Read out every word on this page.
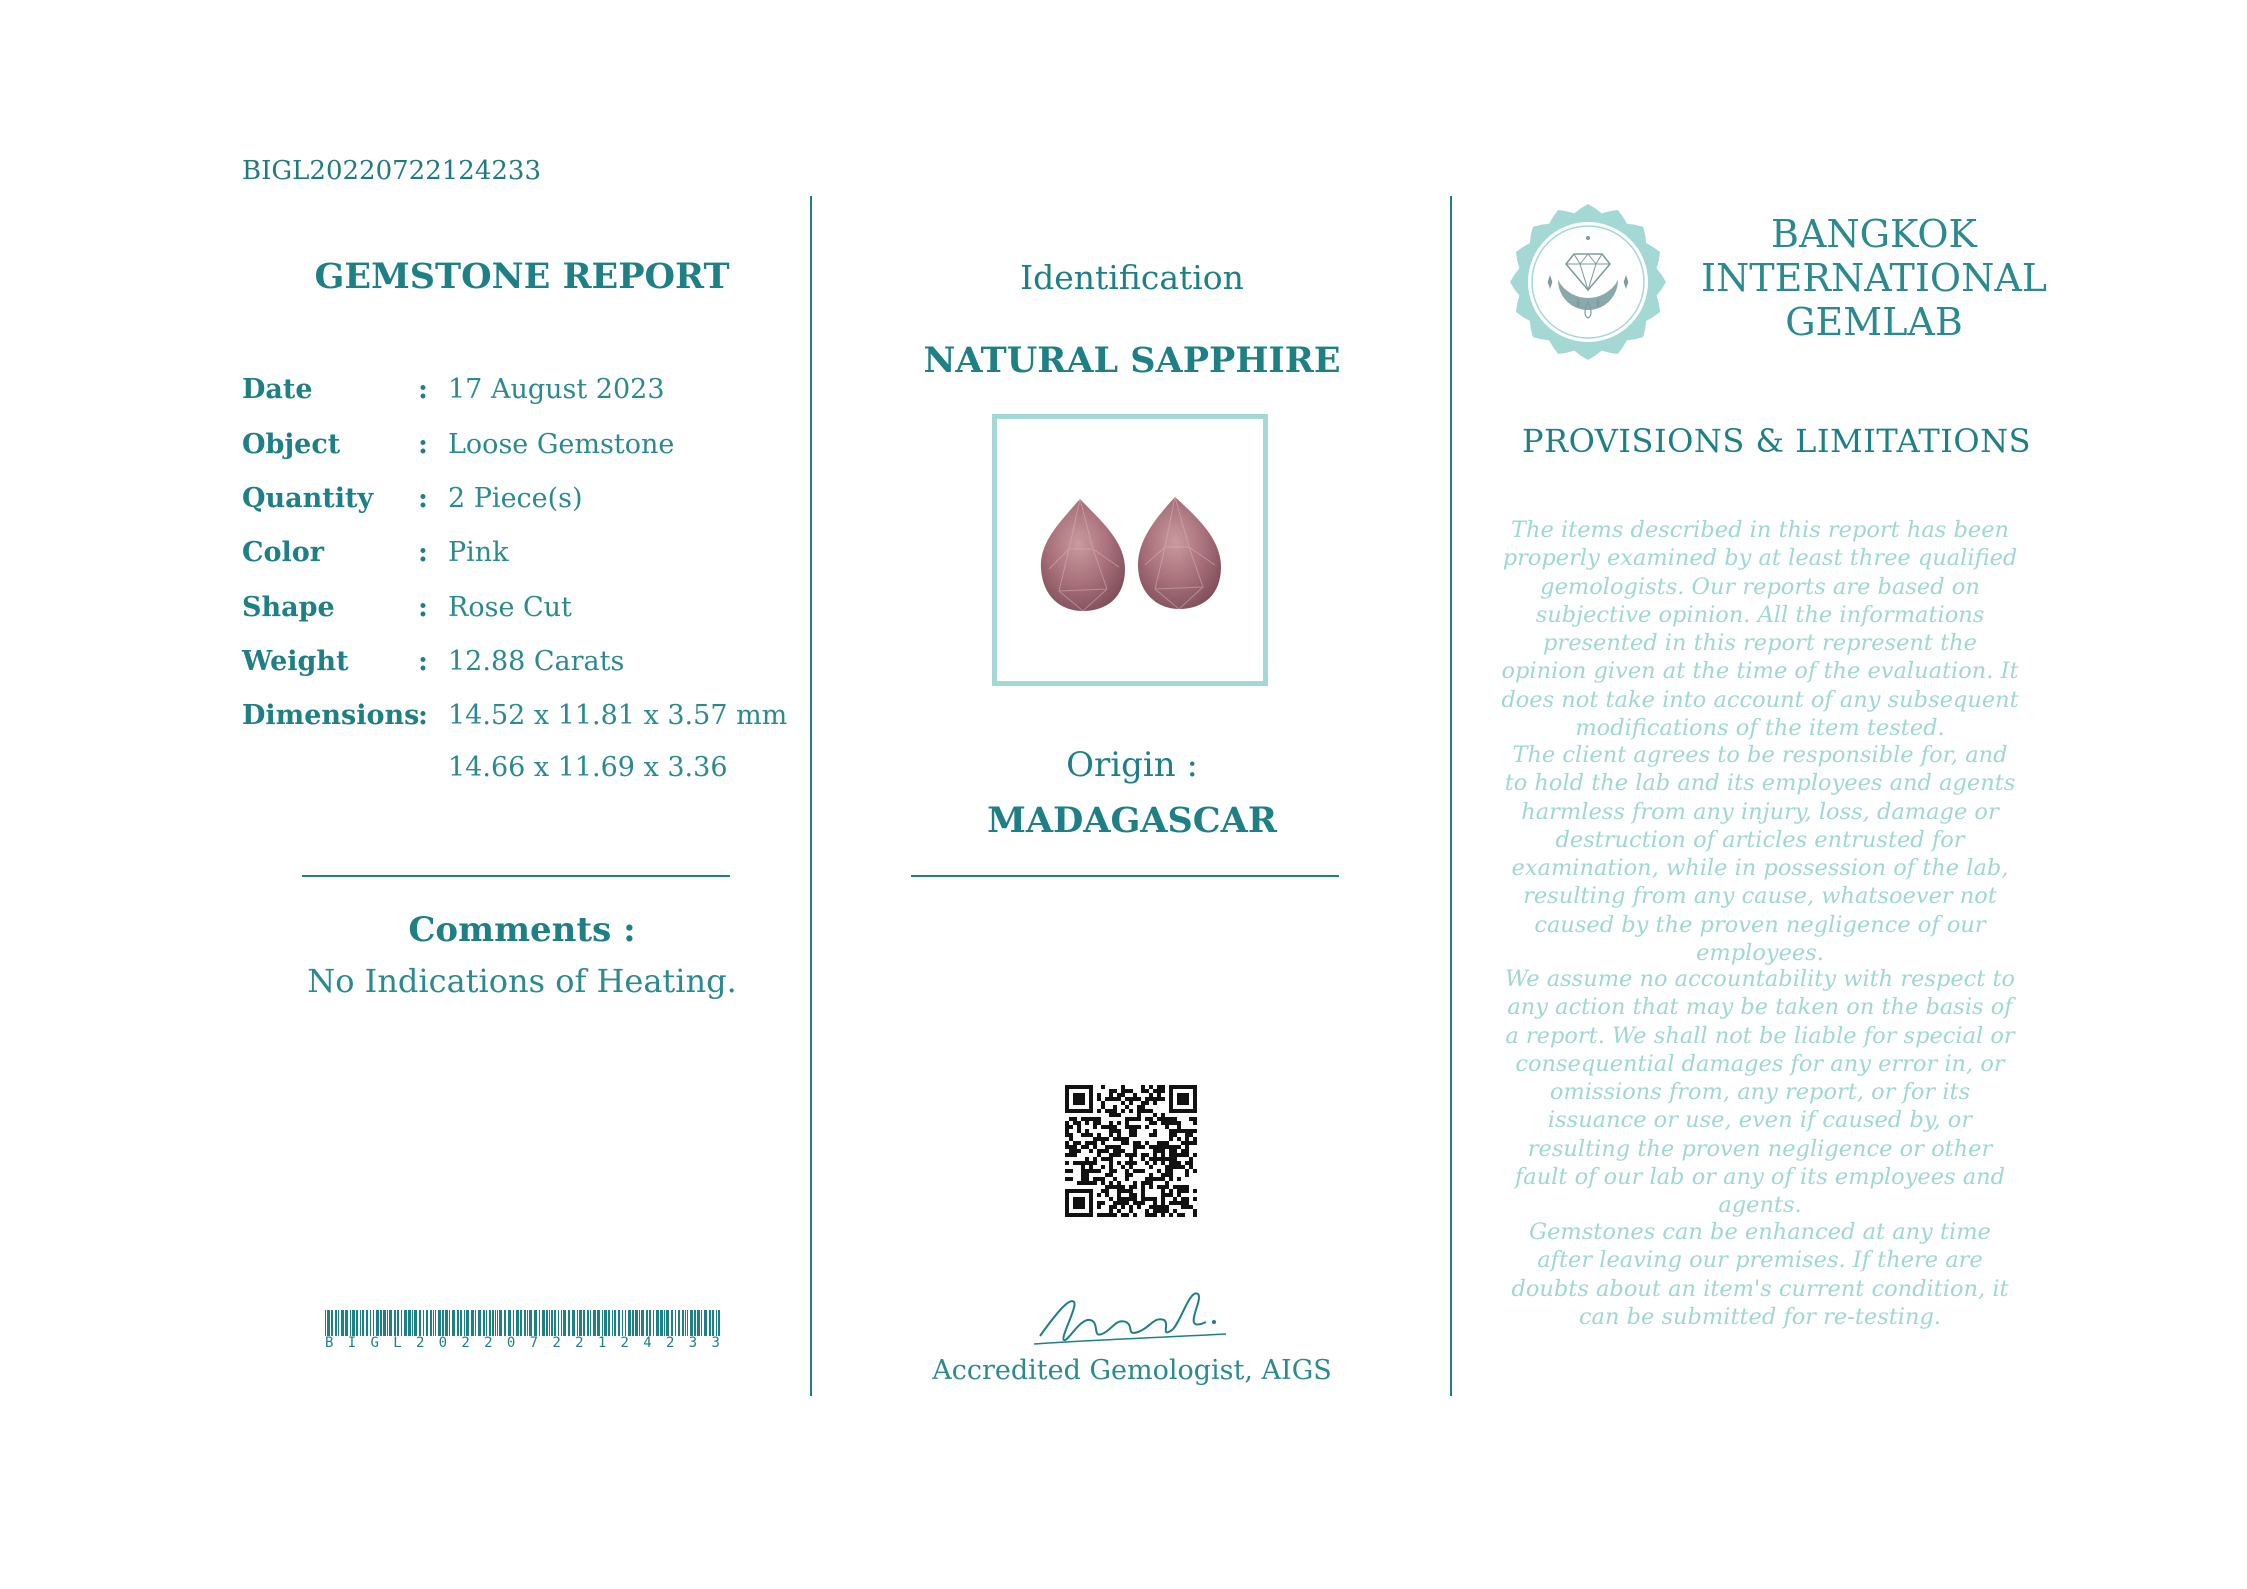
BIGL20220722124233
GEMSTONE REPORT
Date	: 17 August 2023
Object	: Loose Gemstone
Quantity	: 2 Piece(s)
Color	: Pink
Shape	: Rose Cut
Weight	: 12.88 Carats
Dimensions
: 14.52 x 11.81 x 3.57 mm
14.66 x 11.69 x 3.36
Comments :
No Indications of Heating.
B I G L 2 0 2 2 0 7 2 2 1 2 4 2 3 3
Identification
NATURAL SAPPHIRE
Origin :
MADAGASCAR
Accredited Gemologist, AIGS
BANGKOK
INTERNATIONAL
GEMLAB
PROVISIONS & LIMITATIONS
The items described in this report has been properly examined by at least three qualified gemologists. Our reports are based on subjective opinion. All the informations presented in this report represent the opinion given at the time of the evaluation. It does not take into account of any subsequent modifications of the item tested.
The client agrees to be responsible for, and to hold the lab and its employees and agents harmless from any injury, loss, damage or destruction of articles entrusted for examination, while in possession of the lab, resulting from any cause, whatsoever not caused by the proven negligence of our employees.
We assume no accountability with respect to any action that may be taken on the basis of a report. We shall not be liable for special or consequential damages for any error in, or omissions from, any report, or for its issuance or use, even if caused by, or resulting the proven negligence or other fault of our lab or any of its employees and agents.
Gemstones can be enhanced at any time after leaving our premises. If there are doubts about an item's current condition, it can be submitted for re-testing.
